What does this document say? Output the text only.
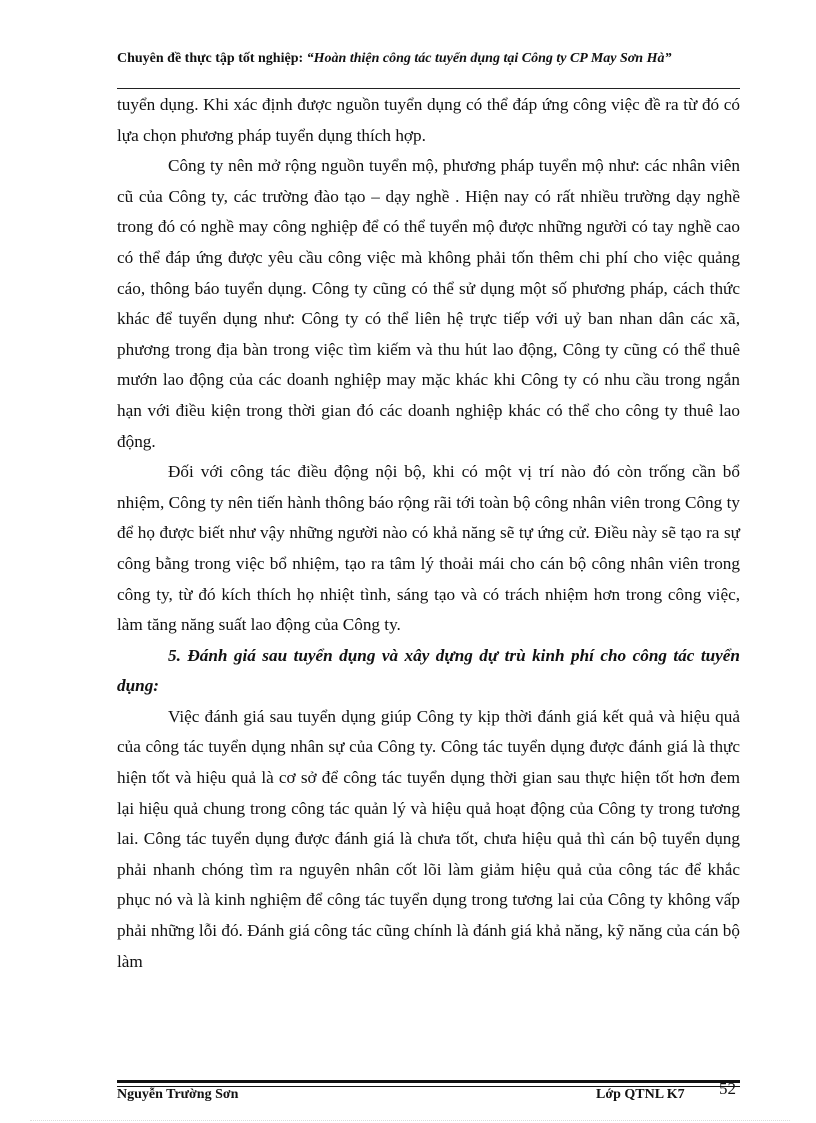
Chuyên đề thực tập tốt nghiệp: “Hoàn thiện công tác tuyển dụng tại Công ty CP May Sơn Hà”

tuyển dụng. Khi xác định được nguồn tuyển dụng có thể đáp ứng công việc đề ra từ đó có lựa chọn phương pháp tuyển dụng thích hợp.

Công ty nên mở rộng nguồn tuyển mộ, phương pháp tuyển mộ như: các nhân viên cũ của Công ty, các trường đào tạo – dạy nghề . Hiện nay có rất nhiều trường dạy nghề trong đó có nghề may công nghiệp để có thể tuyển mộ được những người có tay nghề cao có thể đáp ứng được yêu cầu công việc mà không phải tốn thêm chi phí cho việc quảng cáo, thông báo tuyển dụng. Công ty cũng có thể sử dụng một số phương pháp, cách thức khác để tuyển dụng như: Công ty có thể liên hệ trực tiếp với uỷ ban nhan dân các xã, phương trong địa bàn trong việc tìm kiếm và thu hút lao động, Công ty cũng có thể thuê mướn lao động của các doanh nghiệp may mặc khác khi Công ty có nhu cầu trong ngắn hạn với điều kiện trong thời gian đó các doanh nghiệp khác có thể cho công ty thuê lao động.

Đối với công tác điều động nội bộ, khi có một vị trí nào đó còn trống cần bổ nhiệm, Công ty nên tiến hành thông báo rộng rãi tới toàn bộ công nhân viên trong Công ty để họ được biết như vậy những người nào có khả năng sẽ tự ứng cử. Điều này sẽ tạo ra sự công bằng trong việc bổ nhiệm, tạo ra tâm lý thoải mái cho cán bộ công nhân viên trong công ty, từ đó kích thích họ nhiệt tình, sáng tạo và có trách nhiệm hơn trong công việc, làm tăng năng suất lao động của Công ty.

5. Đánh giá sau tuyển dụng và xây dựng dự trù kinh phí cho công tác tuyển dụng:

Việc đánh giá sau tuyển dụng giúp Công ty kịp thời đánh giá kết quả và hiệu quả của công tác tuyển dụng nhân sự của Công ty. Công tác tuyển dụng được đánh giá là thực hiện tốt và hiệu quả là cơ sở để công tác tuyển dụng thời gian sau thực hiện tốt hơn đem lại hiệu quả chung trong công tác quản lý và hiệu quả hoạt động của Công ty trong tương lai. Công tác tuyển dụng được đánh giá là chưa tốt, chưa hiệu quả thì cán bộ tuyển dụng phải nhanh chóng tìm ra nguyên nhân cốt lõi làm giảm hiệu quả của công tác để khắc phục nó và là kinh nghiệm để công tác tuyển dụng trong tương lai của Công ty không vấp phải những lỗi đó. Đánh giá công tác cũng chính là đánh giá khả năng, kỹ năng của cán bộ làm

Nguyễn Trường Sơn	Lớp QTNL K7 52
